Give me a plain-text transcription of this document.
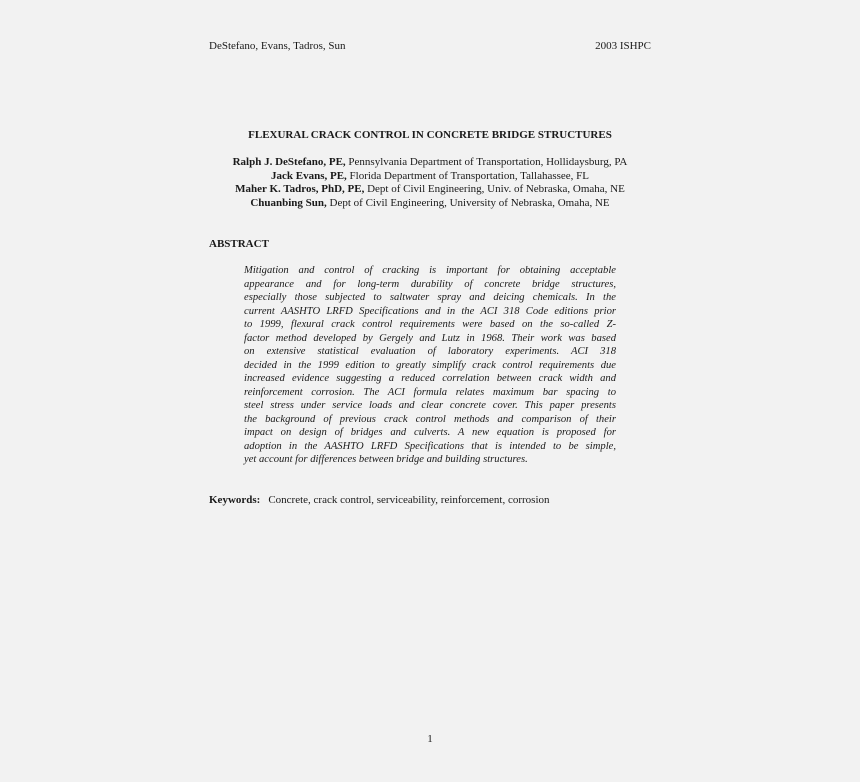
DeStefano, Evans, Tadros, Sun	2003 ISHPC
FLEXURAL CRACK CONTROL IN CONCRETE BRIDGE STRUCTURES
Ralph J. DeStefano, PE, Pennsylvania Department of Transportation, Hollidaysburg, PA
Jack Evans, PE, Florida Department of Transportation, Tallahassee, FL
Maher K. Tadros, PhD, PE, Dept of Civil Engineering, Univ. of Nebraska, Omaha, NE
Chuanbing Sun, Dept of Civil Engineering, University of Nebraska, Omaha, NE
ABSTRACT
Mitigation and control of cracking is important for obtaining acceptable
appearance and for long-term durability of concrete bridge structures,
especially those subjected to saltwater spray and deicing chemicals. In the
current AASHTO LRFD Specifications and in the ACI 318 Code editions prior
to 1999, flexural crack control requirements were based on the so-called Z-
factor method developed by Gergely and Lutz in 1968. Their work was based
on extensive statistical evaluation of laboratory experiments. ACI 318
decided in the 1999 edition to greatly simplify crack control requirements due
increased evidence suggesting a reduced correlation between crack width and
reinforcement corrosion. The ACI formula relates maximum bar spacing to
steel stress under service loads and clear concrete cover. This paper presents
the background of previous crack control methods and comparison of their
impact on design of bridges and culverts. A new equation is proposed for
adoption in the AASHTO LRFD Specifications that is intended to be simple,
yet account for differences between bridge and building structures.
Keywords: Concrete, crack control, serviceability, reinforcement, corrosion
1
